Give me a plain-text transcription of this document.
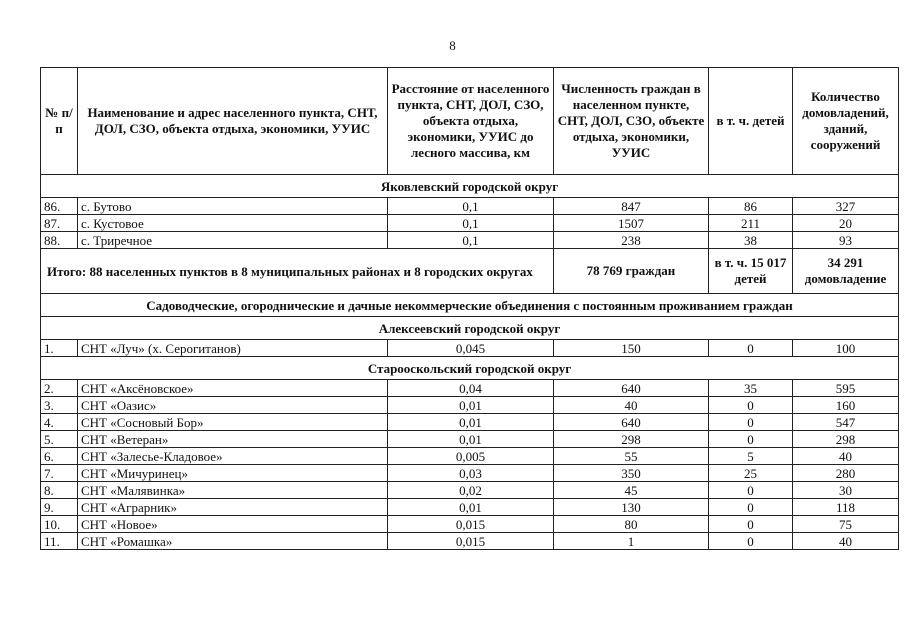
8
№ п/п	Наименование и адрес населенного пункта, СНТ, ДОЛ, СЗО, объекта отдыха, экономики, УУИС	Расстояние от населенного пункта, СНТ, ДОЛ, СЗО, объекта отдыха, экономики, УУИС до лесного массива, км	Численность граждан в населенном пункте, СНТ, ДОЛ, СЗО, объекте отдыха, экономики, УУИС	в т. ч. детей	Количество домовладений, зданий, сооружений
Яковлевский городской округ					
86.	с. Бутово	0,1	847	86	327
87.	с. Кустовое	0,1	1507	211	20
88.	с. Триречное	0,1	238	38	93
Итого: 88 населенных пунктов в 8 муниципальных районах и 8 городских округах			78 769 граждан	в т. ч. 15 017 детей	34 291 домовладение
Садоводческие, огороднические и дачные некоммерческие объединения с постоянным проживанием граждан					
Алексеевский городской округ					
1.	СНТ «Луч» (х. Серогитанов)	0,045	150	0	100
Старооскольский городской округ					
2.	СНТ «Аксёновское»	0,04	640	35	595
3.	СНТ «Оазис»	0,01	40	0	160
4.	СНТ «Сосновый Бор»	0,01	640	0	547
5.	СНТ «Ветеран»	0,01	298	0	298
6.	СНТ «Залесье-Кладовое»	0,005	55	5	40
7.	СНТ «Мичуринец»	0,03	350	25	280
8.	СНТ «Малявинка»	0,02	45	0	30
9.	СНТ «Аграрник»	0,01	130	0	118
10.	СНТ «Новое»	0,015	80	0	75
11.	СНТ «Ромашка»	0,015	1	0	40
